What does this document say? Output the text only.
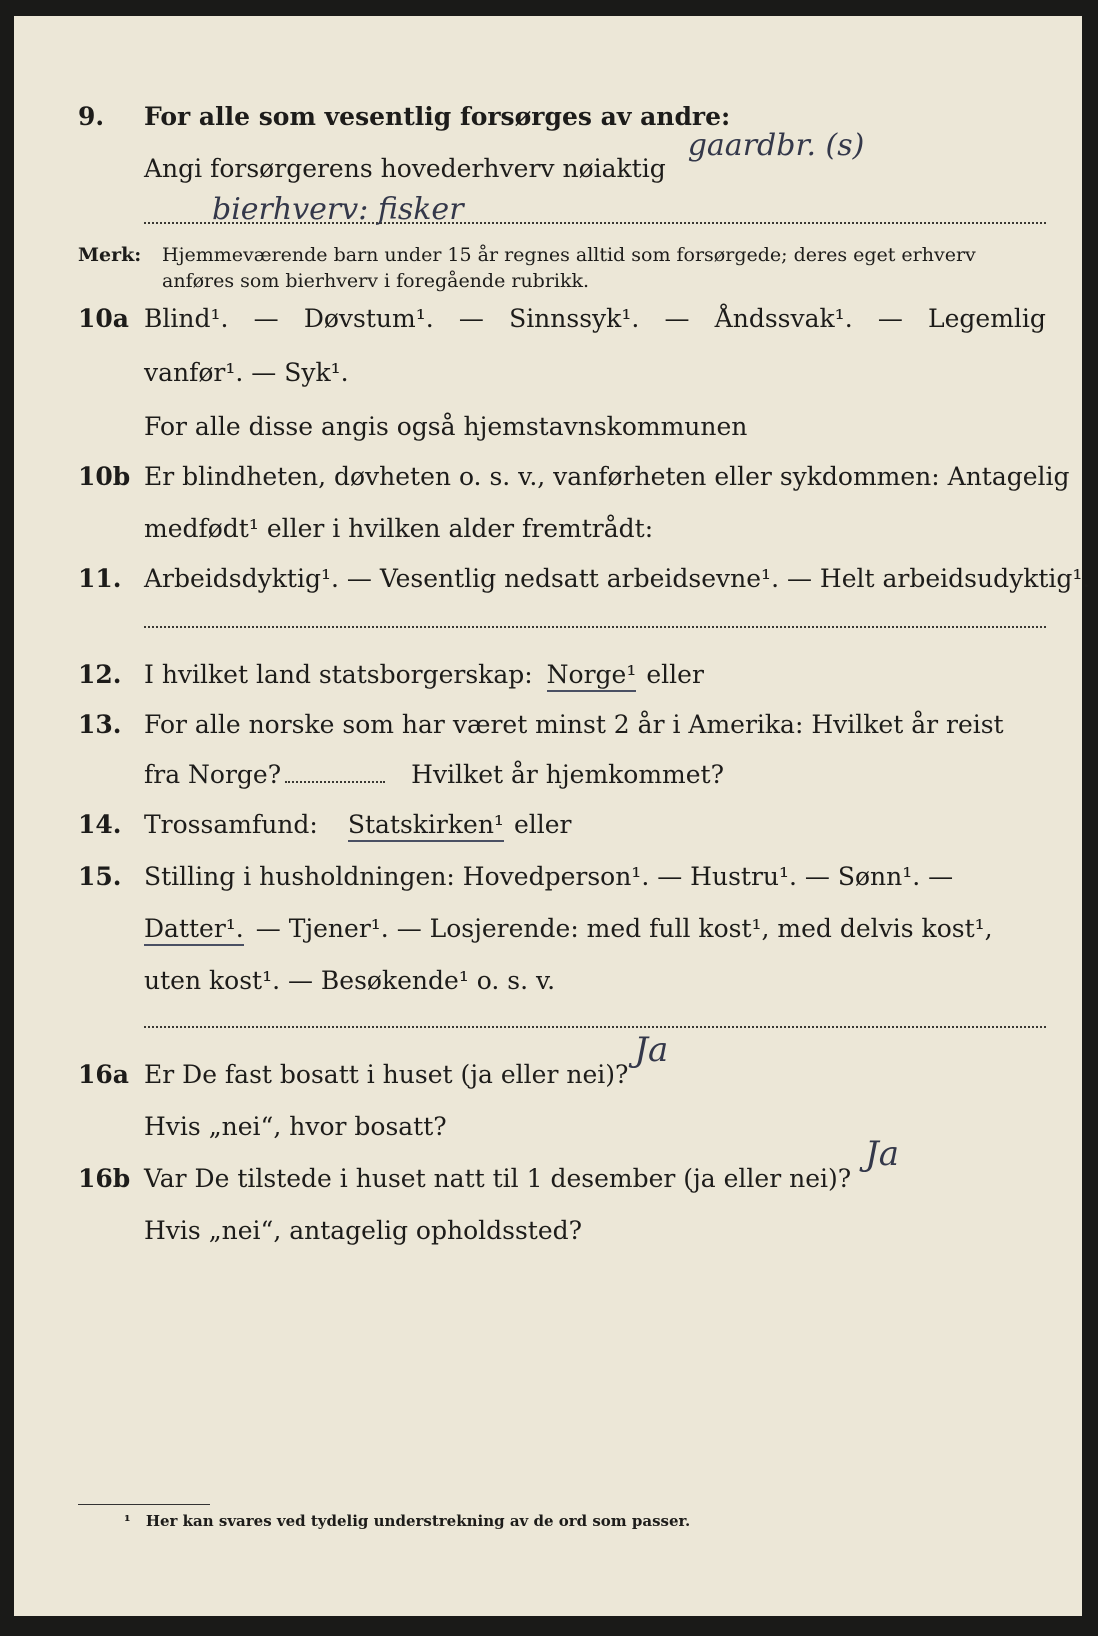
9. For alle som vesentlig forsørges av andre:
Angi forsørgerens hovederhverv nøiaktig
gaardbr. (s)
bierhverv: fisker
Merk: Hjemmeværende barn under 15 år regnes alltid som forsørgede; deres eget erhverv
anføres som bierhverv i foregående rubrikk.
10a Blind¹. — Døvstum¹. — Sinnssyk¹. — Åndssvak¹. — Legemlig
vanfør¹. — Syk¹.
For alle disse angis også hjemstavnskommunen
10b Er blindheten, døvheten o. s. v., vanførheten eller sykdommen: Antagelig
medfødt¹ eller i hvilken alder fremtrådt:
11. Arbeidsdyktig¹. — Vesentlig nedsatt arbeidsevne¹. — Helt arbeidsudyktig¹.
12. I hvilket land statsborgerskap: Norge¹ eller
13. For alle norske som har været minst 2 år i Amerika: Hvilket år reist
fra Norge?	Hvilket år hjemkommet?
14. Trossamfund: Statskirken¹ eller
15. Stilling i husholdningen: Hovedperson¹. — Hustru¹. — Sønn¹. —
Datter¹. — Tjener¹. — Losjerende: med full kost¹, med delvis kost¹,
uten kost¹. — Besøkende¹ o. s. v.
16a Er De fast bosatt i huset (ja eller nei)?
Ja
Hvis „nei“, hvor bosatt?
16b Var De tilstede i huset natt til 1 desember (ja eller nei)?
Ja
Hvis „nei“, antagelig opholdssted?
¹ Her kan svares ved tydelig understrekning av de ord som passer.
